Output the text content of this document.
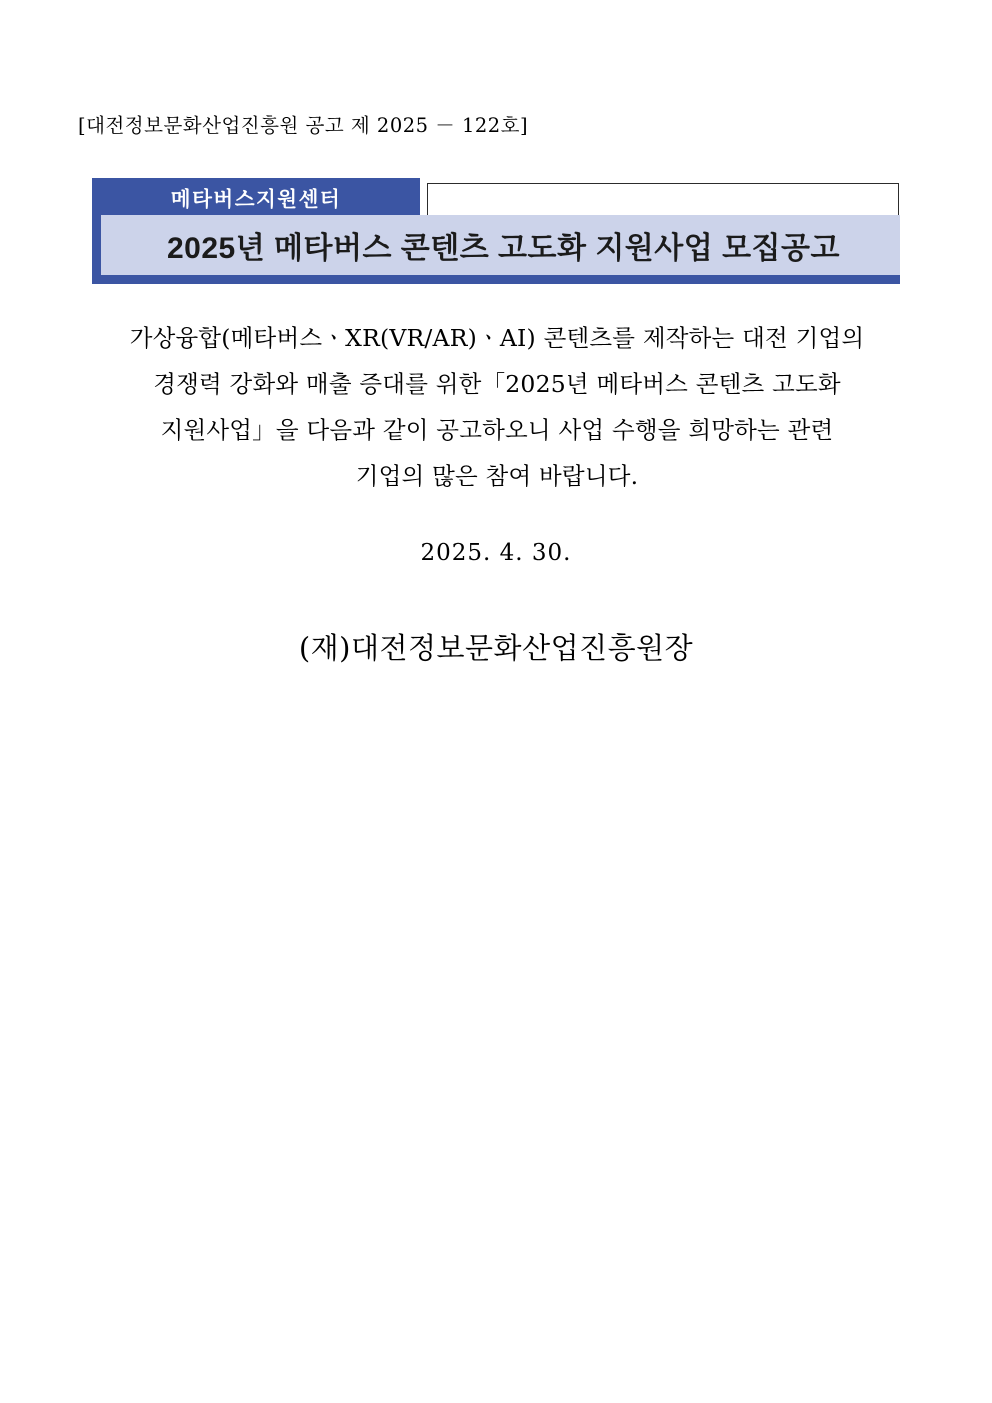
[대전정보문화산업진흥원 공고 제 2025 － 122호]
메타버스지원센터
2025년 메타버스 콘텐츠 고도화 지원사업 모집공고
가상융합(메타버스ㆍXR(VR/AR)ㆍAI) 콘텐츠를 제작하는 대전 기업의
경쟁력 강화와 매출 증대를 위한「2025년 메타버스 콘텐츠 고도화
지원사업」을 다음과 같이 공고하오니 사업 수행을 희망하는 관련
기업의 많은 참여 바랍니다.
2025. 4. 30.
(재)대전정보문화산업진흥원장
